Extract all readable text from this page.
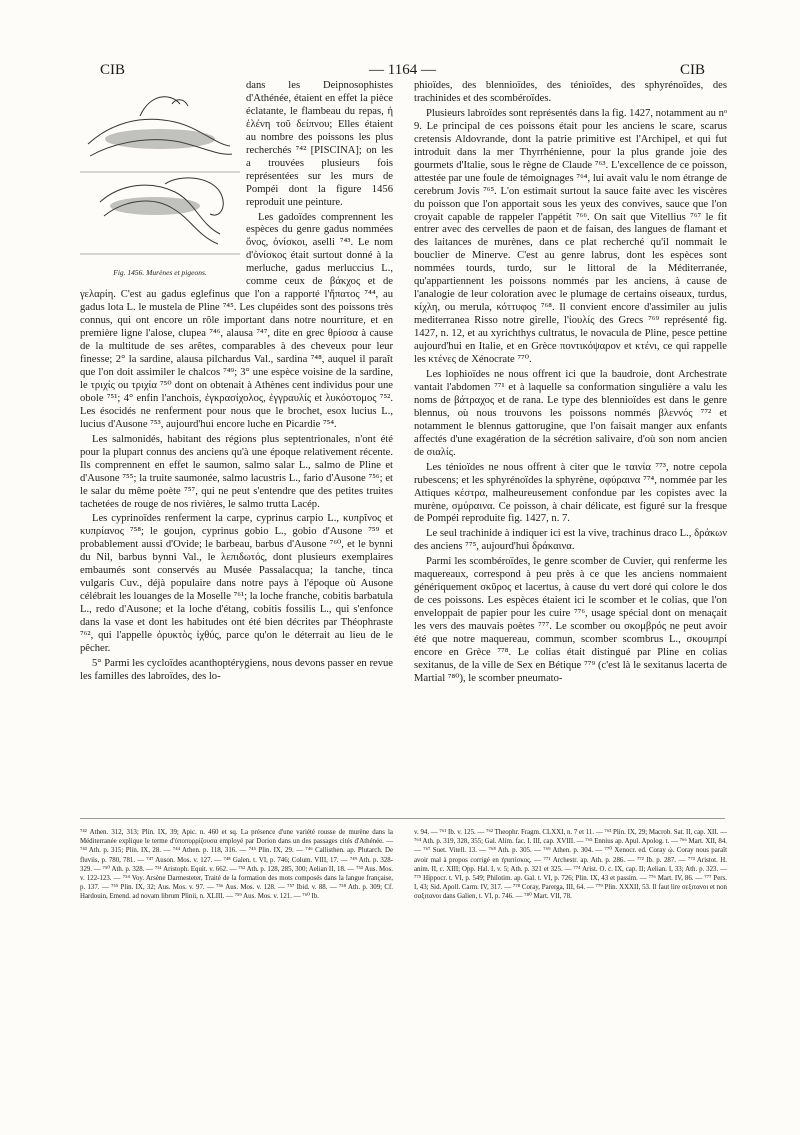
CIB	— 1164 —	CIB
Fig. 1456. Murènes et pigeons.

dans les Deipnosophistes d'Athénée, étaient en effet la pièce éclatante, le flambeau du repas, ἡ ἑλένη τοῦ δείπνου; Elles étaient au nombre des poissons les plus recherchés ⁷⁴² [PISCINA]; on les a trouvées plusieurs fois représentées sur les murs de Pompéi dont la figure 1456 reproduit une peinture.

Les gadoïdes comprennent les espèces du genre gadus nommées ὄνος, ὀνίσκοι, aselli ⁷⁴³. Le nom d'ὀνίσκος était surtout donné à la merluche, gadus merluccius L., comme ceux de βάκχος et de γελαρίη. C'est au gadus eglefinus que l'on a rapporté l'ἥπατος ⁷⁴⁴, au gadus lota L. le mustela de Pline ⁷⁴⁵. Les clupéides sont des poissons très connus, qui ont encore un rôle important dans notre nourriture, et en première ligne l'alose, clupea ⁷⁴⁶, alausa ⁷⁴⁷, dite en grec θρίσσα à cause de la multitude de ses arêtes, comparables à des cheveux pour leur finesse; 2° la sardine, alausa pilchardus Val., sardina ⁷⁴⁸, auquel il paraît que l'on doit assimiler le chalcos ⁷⁴⁹; 3° une espèce voisine de la sardine, le τριχίς ou τριχία ⁷⁵⁰ dont on obtenait à Athènes cent individus pour une obole ⁷⁵¹; 4° enfin l'anchois, ἐγκρασίχολος, ἐγγραυλίς et λυκόστομος ⁷⁵². Les ésocidés ne renferment pour nous que le brochet, esox lucius L., lucius d'Ausone ⁷⁵³, aujourd'hui encore luche en Picardie ⁷⁵⁴.

Les salmonidés, habitant des régions plus septentrionales, n'ont été pour la plupart connus des anciens qu'à une époque relativement récente. Ils comprennent en effet le saumon, salmo salar L., salmo de Pline et d'Ausone ⁷⁵⁵; la truite saumonée, salmo lacustris L., fario d'Ausone ⁷⁵⁶; et le salar du même poète ⁷⁵⁷, qui ne peut s'entendre que des petites truites tachetées de rouge de nos rivières, le salmo trutta Lacép.

Les cyprinoïdes renferment la carpe, cyprinus carpio L., κυπρῖνος et κυπρίανος ⁷⁵⁸; le goujon, cyprinus gobio L., gobio d'Ausone ⁷⁵⁹ et probablement aussi d'Ovide; le barbeau, barbus d'Ausone ⁷⁶⁰, et le bynni du Nil, barbus bynni Val., le λεπιδωτός, dont plusieurs exemplaires embaumés sont conservés au Musée Passalacqua; la tanche, tinca vulgaris Cuv., déjà populaire dans notre pays à l'époque où Ausone célébrait les louanges de la Moselle ⁷⁶¹; la loche franche, cobitis barbatula L., redo d'Ausone; et la loche d'étang, cobitis fossilis L., qui s'enfonce dans la vase et dont les habitudes ont été bien décrites par Théophraste ⁷⁶², qui l'appelle ὀρυκτὸς ἰχθύς, parce qu'on le déterrait au lieu de le pêcher.

5° Parmi les cycloïdes acanthoptérygiens, nous devons passer en revue les familles des labroïdes, des lo-

phioïdes, des blennioïdes, des ténioïdes, des sphyrénoïdes, des trachinides et des scombéroïdes.

Plusieurs labroïdes sont représentés dans la fig. 1427, notamment au nᵒ 9. Le principal de ces poissons était pour les anciens le scare, scarus cretensis Aldovrande, dont la patrie primitive est l'Archipel, et qui fut introduit dans la mer Thyrrhénienne, pour la plus grande joie des gourmets d'Italie, sous le règne de Claude ⁷⁶³. L'excellence de ce poisson, attestée par une foule de témoignages ⁷⁶⁴, lui avait valu le nom étrange de cerebrum Jovis ⁷⁶⁵. L'on estimait surtout la sauce faite avec les viscères du poisson que l'on apportait sous les yeux des convives, sauce que l'on croyait capable de rappeler l'appétit ⁷⁶⁶. On sait que Vitellius ⁷⁶⁷ le fit entrer avec des cervelles de paon et de faisan, des langues de flamant et des laitances de murènes, dans ce plat recherché qu'il nommait le bouclier de Minerve. C'est au genre labrus, dont les espèces sont nommées tourds, turdo, sur le littoral de la Méditerranée, qu'appartiennent les poissons nommés par les anciens, à cause de l'analogie de leur coloration avec le plumage de certains oiseaux, turdus, κίχλη, ou merula, κόττυφος ⁷⁶⁸. Il convient encore d'assimiler au julis mediterranea Risso notre girelle, l'ἰουλίς des Grecs ⁷⁶⁹ représenté fig. 1427, n. 12, et au xyrichthys cultratus, le novacula de Pline, pesce pettine aujourd'hui en Italie, et en Grèce ποντικόψαρον et κτένι, ce qui rappelle les κτένες de Xénocrate ⁷⁷⁰.

Les lophioïdes ne nous offrent ici que la baudroie, dont Archestrate vantait l'abdomen ⁷⁷¹ et à laquelle sa conformation singulière a valu les noms de βάτραχος et de rana. Le type des blennioïdes est dans le genre blennus, où nous trouvons les poissons nommés βλεννός ⁷⁷² et notamment le blennus gattorugine, que l'on faisait manger aux enfants affectés d'une exagération de la sécrétion salivaire, d'où son nom ancien de σιαλίς.

Les ténioïdes ne nous offrent à citer que le ταινία ⁷⁷³, notre cepola rubescens; et les sphyrénoïdes la sphyrène, σφύραινα ⁷⁷⁴, nommée par les Attiques κέστρα, malheureusement confondue par les copistes avec la murène, σμύραινα. Ce poisson, à chair délicate, est figuré sur la fresque de Pompéi reproduite fig. 1427, n. 7.

Le seul trachinide à indiquer ici est la vive, trachinus draco L., δράκων des anciens ⁷⁷⁵, aujourd'hui δράκαινα.

Parmi les scombéroïdes, le genre scomber de Cuvier, qui renferme les maquereaux, correspond à peu près à ce que les anciens nommaient génériquement σκῦρος et lacertus, à cause du vert doré qui colore le dos de ces poissons. Les espèces étaient ici le scomber et le colias, que l'on enveloppait de papier pour les cuire ⁷⁷⁶, usage spécial dont on menaçait les vers des mauvais poètes ⁷⁷⁷. Le scomber ou σκομβρός ne peut avoir été que notre maquereau, commun, scomber scombrus L., σκουμπρί encore en Grèce ⁷⁷⁸. Le colias était distingué par Pline en colias sexitanus, de la ville de Sex en Bétique ⁷⁷⁹ (c'est là le sexitanus lacerta de Martial ⁷⁸⁰), le scomber pneumato-

⁷⁴² Athen. 312, 313; Plin. IX, 39; Apic. n. 460 et sq. La présence d'une variété rousse de murène dans la Méditerranée explique le terme d'ὑποπυρρίζουσα employé par Dorion dans un des passages cités d'Athénée. — ⁷⁴³ Ath. p. 315; Plin. IX, 28. — ⁷⁴⁴ Athen. p. 118, 316. — ⁷⁴⁵ Plin. IX, 29. — ⁷⁴⁶ Callisthen. ap. Plutarch. De fluviis, p. 780, 781. — ⁷⁴⁷ Auson. Mos. v. 127. — ⁷⁴⁸ Galen. t. VI, p. 746; Colum. VIII, 17. — ⁷⁴⁹ Ath. p. 328-329. — ⁷⁵⁰ Ath. p. 328. — ⁷⁵¹ Aristoph. Equit. v. 662. — ⁷⁵² Ath. p. 128, 285, 300; Aelian II, 18. — ⁷⁵³ Aus. Mos. v. 122-123. — ⁷⁵⁴ Voy. Arsène Darmesteter, Traité de la formation des mots composés dans la langue française, p. 137. — ⁷⁵⁵ Plin. IX, 32; Aus. Mos. v. 97. — ⁷⁵⁶ Aus. Mos. v. 128. — ⁷⁵⁷ Ibid. v. 88. — ⁷⁵⁸ Ath. p. 309; Cf. Hardouin, Emend. ad novam librum Plinii, n. XLIII. — ⁷⁵⁹ Aus. Mos. v. 121. — ⁷⁶⁰ Ib.
v. 94. — ⁷⁶¹ Ib. v. 125. — ⁷⁶² Theophr. Fragm. CLXXI, n. 7 et 11. — ⁷⁶³ Plin. IX, 29; Macrob. Sat. II, cap. XII. — ⁷⁶⁴ Ath. p. 319, 328, 355; Gal. Alim. fac. I. III, cap. XVIII. — ⁷⁶⁵ Ennius ap. Apul. Apolog. t. — ⁷⁶⁶ Mart. XII, 84. — ⁷⁶⁷ Suet. Vitell. 13. — ⁷⁶⁸ Ath. p. 305. — ⁷⁶⁹ Athen. p. 304. — ⁷⁷⁰ Xenocr. ed. Coray ᾠ. Coray nous paraît avoir mal à propos corrigé en ἡπατίσκος. — ⁷⁷¹ Archestr. ap. Ath. p. 286. — ⁷⁷² Ib. p. 287. — ⁷⁷³ Aristot. H. anim. II, c. XIII; Opp. Hal. I, v. 5; Ath. p. 321 et 325. — ⁷⁷⁴ Arist. O. c. IX, cap. II; Aelian. I, 33; Ath. p. 323. — ⁷⁷⁵ Hippocr. t. VI, p. 549; Philotim. ap. Gal. t. VI, p. 726; Plin. IX, 43 et passim. — ⁷⁷⁶ Mart. IV, 86. — ⁷⁷⁷ Pers. I, 43; Sid. Apoll. Carm. IV, 317. — ⁷⁷⁸ Coray, Parerga, III, 64. — ⁷⁷⁹ Plin. XXXII, 53. Il faut lire σεξιτανοι et non σαξιτανοι dans Galien, t. VI, p. 746. — ⁷⁸⁰ Mart. VII, 78.
